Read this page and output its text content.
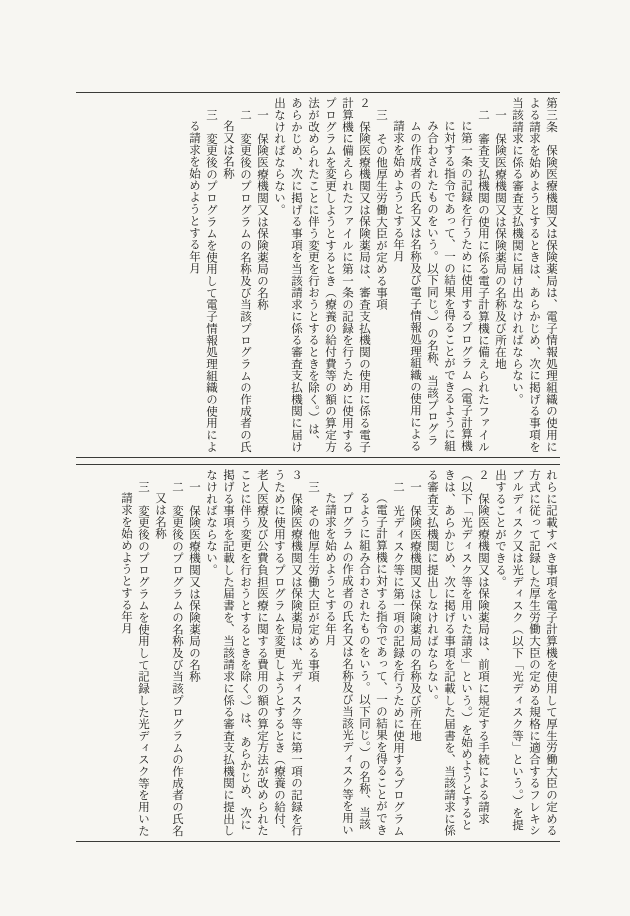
第三条　保険医療機関又は保険薬局は、電子情報処理組織の使用による請求を始めようとするときは、あらかじめ、次に掲げる事項を当該請求に係る審査支払機関に届け出なければならない。

一　保険医療機関又は保険薬局の名称及び所在地

二　審査支払機関の使用に係る電子計算機に備えられたファイルに第一条の記録を行うために使用するプログラム（電子計算機に対する指令であって、一の結果を得ることができるように組み合わされたものをいう。以下同じ。）の名称、当該プログラムの作成者の氏名又は名称及び電子情報処理組織の使用による請求を始めようとする年月

三　その他厚生労働大臣が定める事項

２　保険医療機関又は保険薬局は、審査支払機関の使用に係る電子計算機に備えられたファイルに第一条の記録を行うために使用するプログラムを変更しようとするとき（療養の給付費等の額の算定方法が改められたことに伴う変更を行おうとするときを除く。）は、あらかじめ、次に掲げる事項を当該請求に係る審査支払機関に届け出なければならない。

一　保険医療機関又は保険薬局の名称

二　変更後のプログラムの名称及び当該プログラムの作成者の氏名又は名称

三　変更後のプログラムを使用して電子情報処理組織の使用による請求を始めようとする年月

れらに記載すべき事項を電子計算機を使用して厚生労働大臣の定める方式に従って記録した厚生労働大臣の定める規格に適合するフレキシブルディスク又は光ディスク（以下「光ディスク等」という。）を提出することができる。

２　保険医療機関又は保険薬局は、前項に規定する手続による請求（以下「光ディスク等を用いた請求」という。）を始めようとするときは、あらかじめ、次に掲げる事項を記載した届書を、当該請求に係る審査支払機関に提出しなければならない。

一　保険医療機関又は保険薬局の名称及び所在地

二　光ディスク等に第一項の記録を行うために使用するプログラム（電子計算機に対する指令であって、一の結果を得ることができるように組み合わされたものをいう。以下同じ。）の名称、当該プログラムの作成者の氏名又は名称及び当該光ディスク等を用いた請求を始めようとする年月

三　その他厚生労働大臣が定める事項

３　保険医療機関又は保険薬局は、光ディスク等に第一項の記録を行うために使用するプログラムを変更しようとするとき（療養の給付、老人医療及び公費負担医療に関する費用の額の算定方法が改められたことに伴う変更を行おうとするときを除く。）は、あらかじめ、次に掲げる事項を記載した届書を、当該請求に係る審査支払機関に提出しなければならない。

一　保険医療機関又は保険薬局の名称

二　変更後のプログラムの名称及び当該プログラムの作成者の氏名又は名称

三　変更後のプログラムを使用して記録した光ディスク等を用いた請求を始めようとする年月
